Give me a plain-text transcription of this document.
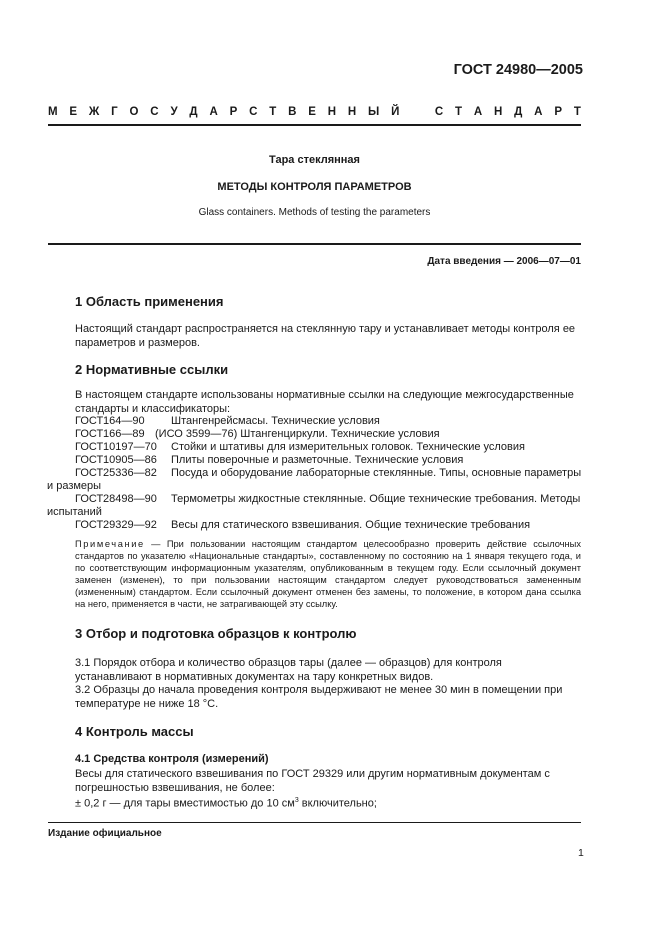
ГОСТ 24980—2005
М Е Ж Г О С У Д А Р С Т В Е Н Н Ы Й	С Т А Н Д А Р Т
Тара стеклянная
МЕТОДЫ КОНТРОЛЯ ПАРАМЕТРОВ
Glass containers. Methods of testing the parameters
Дата введения — 2006—07—01
1 Область применения
Настоящий стандарт распространяется на стеклянную тару и устанавливает методы контроля ее параметров и размеров.
2 Нормативные ссылки
В настоящем стандарте использованы нормативные ссылки на следующие межгосударственные стандарты и классификаторы:
ГОСТ164—90 Штангенрейсмасы. Технические условия
ГОСТ166—89 (ИСО 3599—76) Штангенциркули. Технические условия
ГОСТ10197—70 Стойки и штативы для измерительных головок. Технические условия
ГОСТ10905—86 Плиты поверочные и разметочные. Технические условия
ГОСТ25336—82 Посуда и оборудование лабораторные стеклянные. Типы, основные параметры
и размеры
ГОСТ28498—90 Термометры жидкостные стеклянные. Общие технические требования. Методы
испытаний
ГОСТ29329—92 Весы для статического взвешивания. Общие технические требования
Примечание — При пользовании настоящим стандартом целесообразно проверить действие ссылочных стандартов по указателю «Национальные стандарты», составленному по состоянию на 1 января текущего года, и по соответствующим информационным указателям, опубликованным в текущем году. Если ссылочный документ заменен (изменен), то при пользовании настоящим стандартом следует руководствоваться замененным (измененным) стандартом. Если ссылочный документ отменен без замены, то положение, в котором дана ссылка на него, применяется в части, не затрагивающей эту ссылку.
3 Отбор и подготовка образцов к контролю
3.1 Порядок отбора и количество образцов тары (далее — образцов) для контроля устанавливают в нормативных документах на тару конкретных видов.
3.2 Образцы до начала проведения контроля выдерживают не менее 30 мин в помещении при температуре не ниже 18 °С.
4 Контроль массы
4.1 Средства контроля (измерений)
Весы для статического взвешивания по ГОСТ 29329 или другим нормативным документам с погрешностью взвешивания, не более:
± 0,2 г — для тары вместимостью до 10 $см^3$ включительно;
Издание официальное
1
